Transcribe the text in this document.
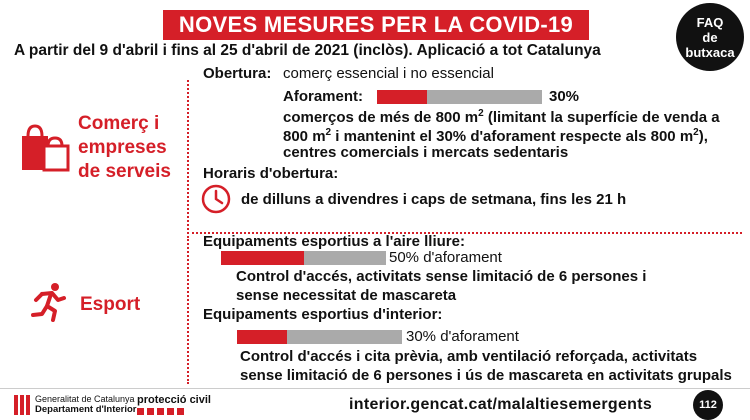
NOVES MESURES PER LA COVID-19	FAQ
de
butxaca
A partir del 9 d'abril i fins al 25 d'abril de 2021 (inclòs). Aplicació a tot Catalunya
Comerç i
empreses
de serveis
Obertura: comerç essencial i no essencial
Aforament:	30%
comerços de més de 800 $m^2$ (limitant la superfície de venda a
800 $m^2$ i mantenint el 30% d'aforament respecte als 800 $m^2$),
centres comercials i mercats sedentaris
Horaris d'obertura:
de dilluns a divendres i caps de setmana, fins les 21 h
Esport
Equipaments esportius a l'aire lliure:
50% d'aforament
Control d'accés, activitats sense limitació de 6 persones i
sense necessitat de mascareta
Equipaments esportius d'interior:
30% d'aforament
Control d'accés i cita prèvia, amb ventilació reforçada, activitats
sense limitació de 6 persones i ús de mascareta en activitats grupals
Generalitat de Catalunya
Departament d'Interior
protecció civil	interior.gencat.cat/malaltiesemergents	112
